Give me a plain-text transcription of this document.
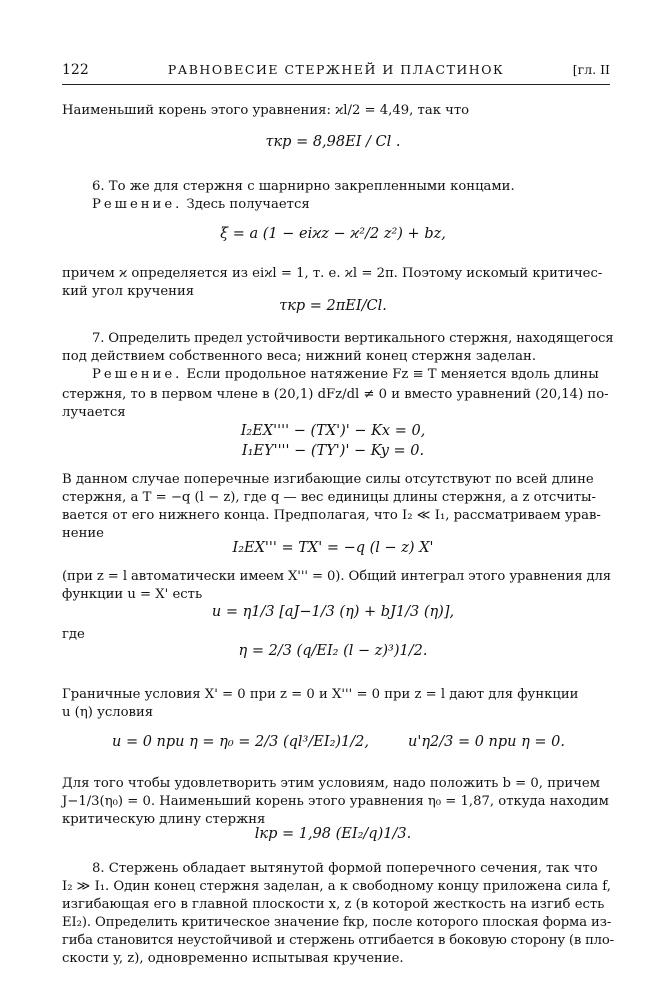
122	РАВНОВЕСИЕ СТЕРЖНЕЙ И ПЛАСТИНОК	[гл. II
Наименьший корень этого уравнения: ϰl/2 = 4,49, так что
τкр = 8,98EI / Cl .
6. То же для стержня с шарнирно закрепленными концами.
Решение. Здесь получается
ξ = a (1 − eiϰz − ϰ²/2 z²) + bz,
причем ϰ определяется из eiϰl = 1, т. е. ϰl = 2π. Поэтому искомый критичес-
кий угол кручения
τкр = 2πEI/Cl.
7. Определить предел устойчивости вертикального стержня, находящегося
под действием собственного веса; нижний конец стержня заделан.
Решение. Если продольное натяжение Fz ≡ T меняется вдоль длины
стержня, то в первом члене в (20,1) dFz/dl ≠ 0 и вместо уравнений (20,14) по-
лучается
I₂EX'''' − (TX')' − Kx = 0,
I₁EY'''' − (TY')' − Ky = 0.
В данном случае поперечные изгибающие силы отсутствуют по всей длине
стержня, а T = −q (l − z), где q — вес единицы длины стержня, а z отсчиты-
вается от его нижнего конца. Предполагая, что I₂ ≪ I₁, рассматриваем урав-
нение
I₂EX''' = TX' = −q (l − z) X'
(при z = l автоматически имеем X''' = 0). Общий интеграл этого уравнения для
функции u = X' есть
u = η1/3 [aJ−1/3 (η) + bJ1/3 (η)],
где
η = 2/3 (q/EI₂ (l − z)³)1/2.
Граничные условия X' = 0 при z = 0 и X''' = 0 при z = l дают для функции
u (η) условия
u = 0 при η = η₀ = 2/3 (ql³/EI₂)1/2,	u'η2/3 = 0 при η = 0.
Для того чтобы удовлетворить этим условиям, надо положить b = 0, причем
J−1/3(η₀) = 0. Наименьший корень этого уравнения η₀ = 1,87, откуда находим
критическую длину стержня
lкр = 1,98 (EI₂/q)1/3.
8. Стержень обладает вытянутой формой поперечного сечения, так что
I₂ ≫ I₁. Один конец стержня заделан, а к свободному концу приложена сила f,
изгибающая его в главной плоскости x, z (в которой жесткость на изгиб есть
EI₂). Определить критическое значение fкр, после которого плоская форма из-
гиба становится неустойчивой и стержень отгибается в боковую сторону (в пло-
скости y, z), одновременно испытывая кручение.
